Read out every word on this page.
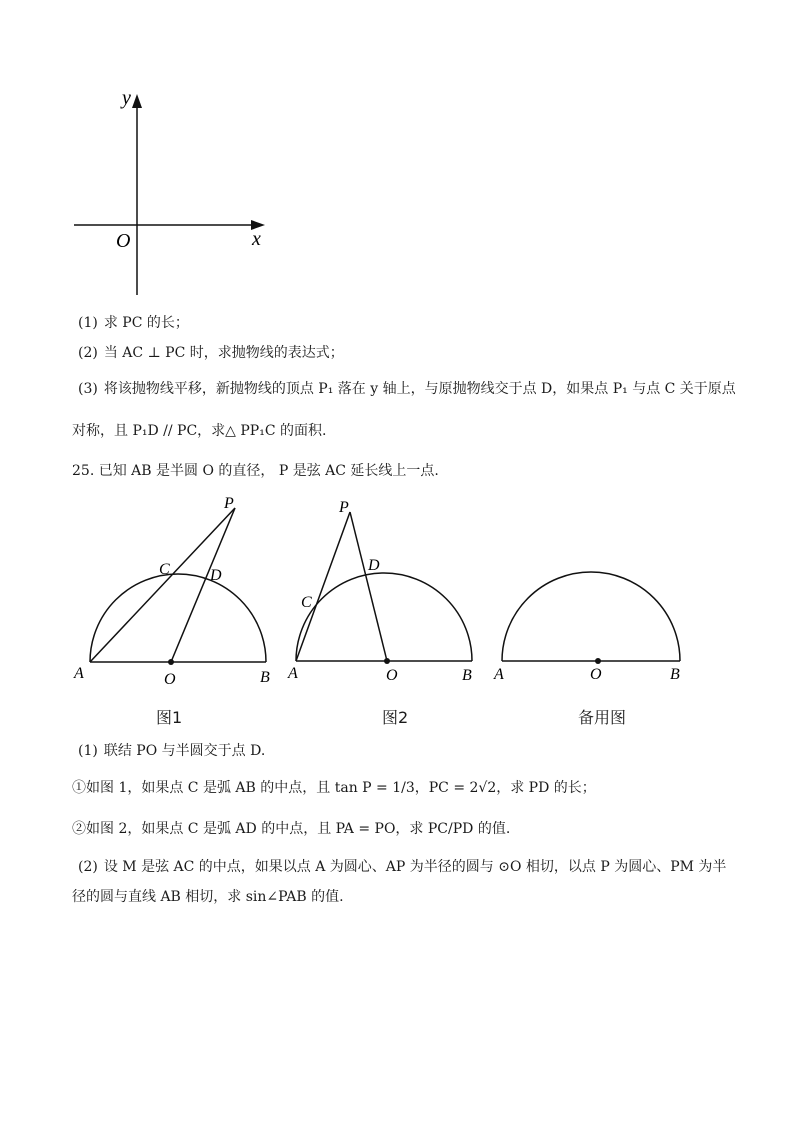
y
x
O
(1) 求 PC 的长；
(2) 当 AC ⊥ PC 时，求抛物线的表达式；
(3) 将该抛物线平移，新抛物线的顶点 P₁ 落在 y 轴上，与原抛物线交于点 D，如果点 P₁ 与点 C 关于原点
对称，且 P₁D // PC，求△ PP₁C 的面积.
25. 已知 AB 是半圆 O 的直径， P 是弦 AC 延长线上一点.
A	B
O
C	D
P
图1
A	B
O
C
D
P
图2
A	B
O
备用图
(1) 联结 PO 与半圆交于点 D.
①如图 1，如果点 C 是弧 AB 的中点，且 tan P = 1/3，PC = 2√2，求 PD 的长；
②如图 2，如果点 C 是弧 AD 的中点，且 PA = PO，求 PC/PD 的值.
(2) 设 M 是弦 AC 的中点，如果以点 A 为圆心、AP 为半径的圆与 ⊙O 相切，以点 P 为圆心、PM 为半
径的圆与直线 AB 相切，求 sin∠PAB 的值.
